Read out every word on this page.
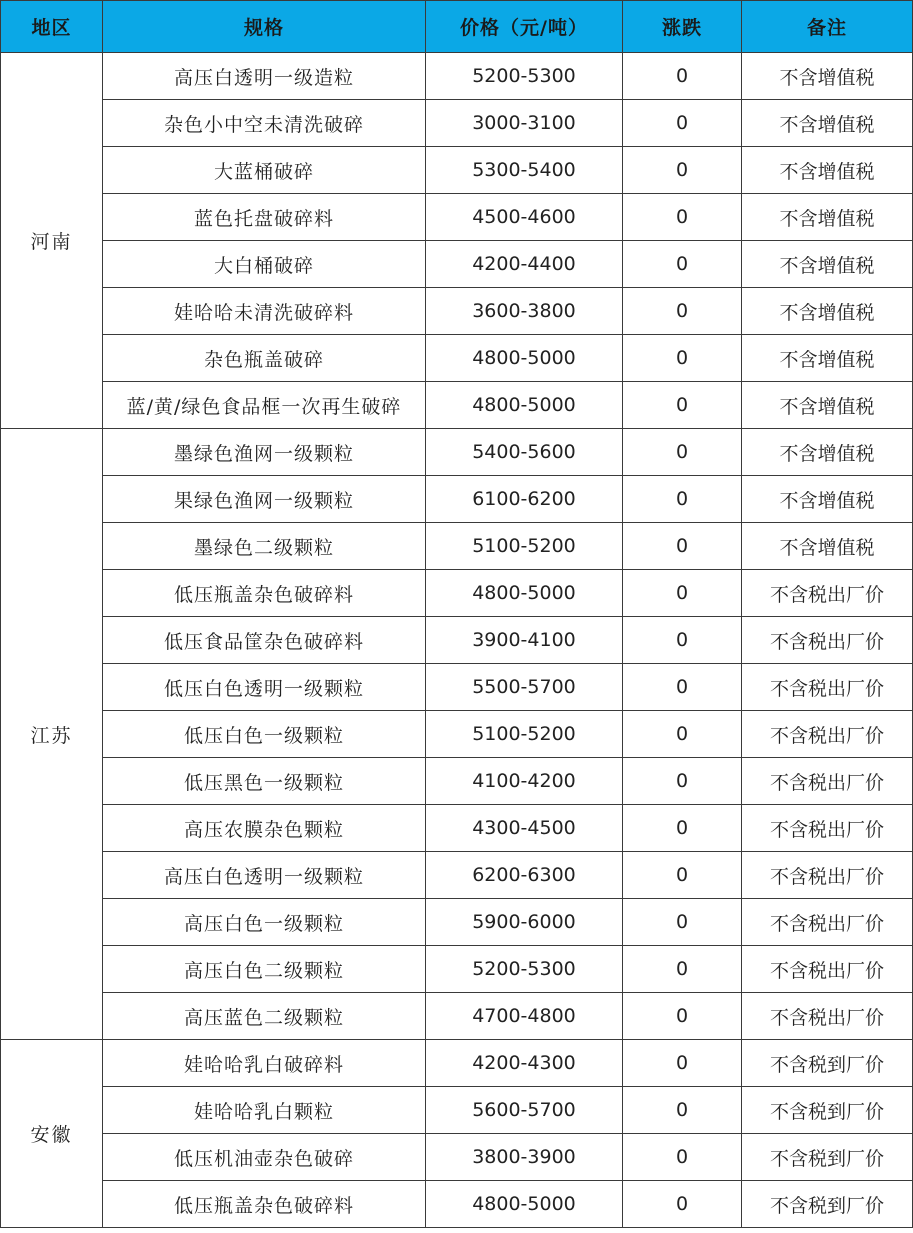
地区	规格	价格（元/吨）	涨跌	备注
河南	高压白透明一级造粒	5200-5300	0	不含增值税
	杂色小中空未清洗破碎	3000-3100	0	不含增值税
	大蓝桶破碎	5300-5400	0	不含增值税
	蓝色托盘破碎料	4500-4600	0	不含增值税
	大白桶破碎	4200-4400	0	不含增值税
	娃哈哈未清洗破碎料	3600-3800	0	不含增值税
	杂色瓶盖破碎	4800-5000	0	不含增值税
	蓝/黄/绿色食品框一次再生破碎	4800-5000	0	不含增值税
江苏	墨绿色渔网一级颗粒	5400-5600	0	不含增值税
	果绿色渔网一级颗粒	6100-6200	0	不含增值税
	墨绿色二级颗粒	5100-5200	0	不含增值税
	低压瓶盖杂色破碎料	4800-5000	0	不含税出厂价
	低压食品筐杂色破碎料	3900-4100	0	不含税出厂价
	低压白色透明一级颗粒	5500-5700	0	不含税出厂价
	低压白色一级颗粒	5100-5200	0	不含税出厂价
	低压黑色一级颗粒	4100-4200	0	不含税出厂价
	高压农膜杂色颗粒	4300-4500	0	不含税出厂价
	高压白色透明一级颗粒	6200-6300	0	不含税出厂价
	高压白色一级颗粒	5900-6000	0	不含税出厂价
	高压白色二级颗粒	5200-5300	0	不含税出厂价
	高压蓝色二级颗粒	4700-4800	0	不含税出厂价
安徽	娃哈哈乳白破碎料	4200-4300	0	不含税到厂价
	娃哈哈乳白颗粒	5600-5700	0	不含税到厂价
	低压机油壶杂色破碎	3800-3900	0	不含税到厂价
	低压瓶盖杂色破碎料	4800-5000	0	不含税到厂价
